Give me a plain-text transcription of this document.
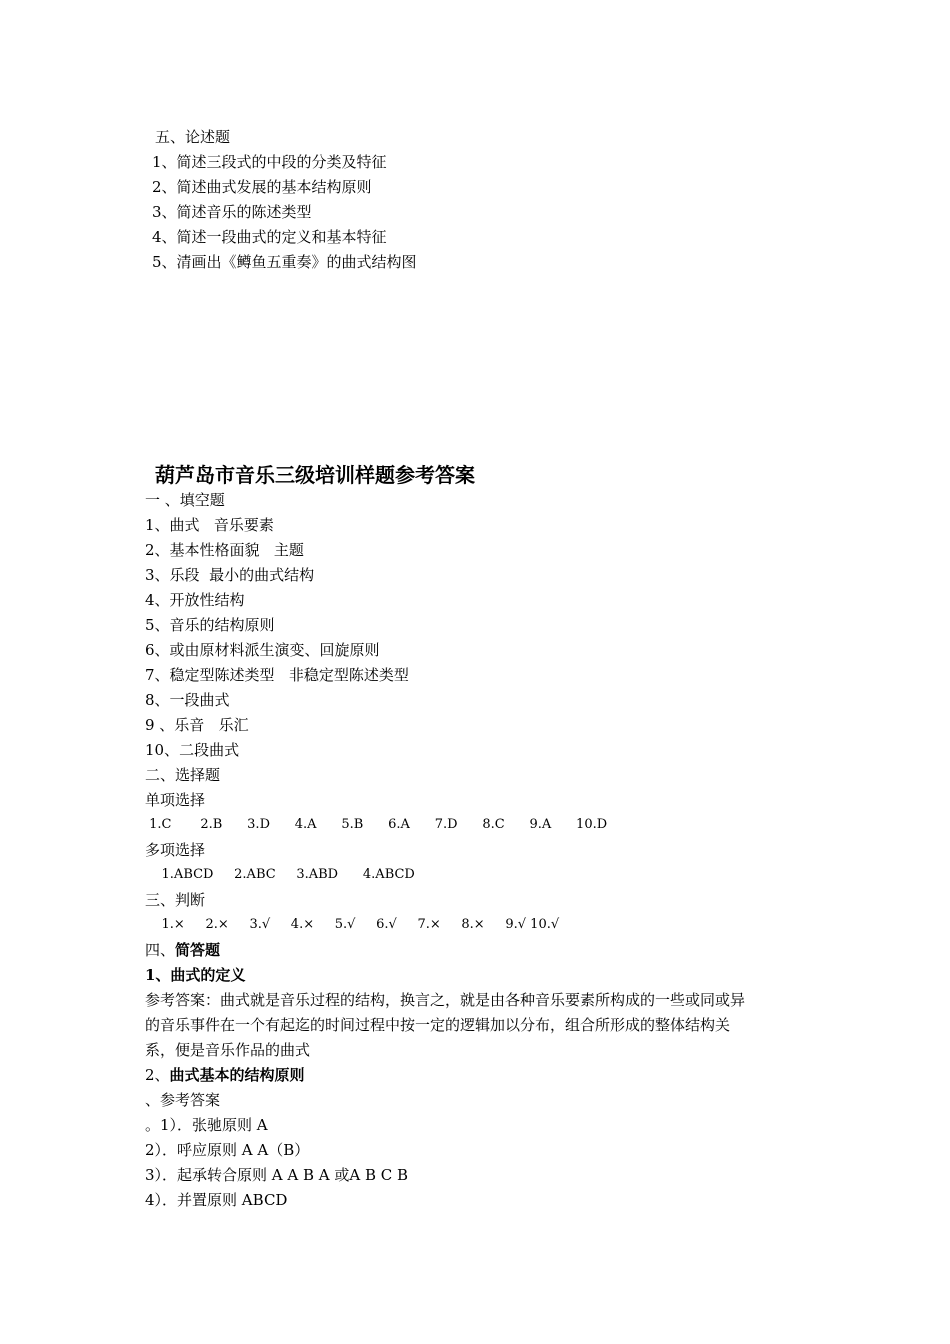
五、论述题
1、简述三段式的中段的分类及特征
2、简述曲式发展的基本结构原则
3、简述音乐的陈述类型
4、简述一段曲式的定义和基本特征
5、清画出《鳟鱼五重奏》的曲式结构图
葫芦岛市音乐三级培训样题参考答案
一 、填空题
1、曲式   音乐要素
2、基本性格面貌   主题
3、乐段  最小的曲式结构
4、开放性结构
5、音乐的结构原则
6、或由原材料派生演变、回旋原则
7、稳定型陈述类型   非稳定型陈述类型
8、一段曲式
9 、乐音   乐汇
10、二段曲式
二、选择题
单项选择
1.C       2.B      3.D      4.A      5.B      6.A      7.D      8.C      9.A      10.D
多项选择
1.ABCD     2.ABC     3.ABD      4.ABCD
三、判断
1.×     2.×     3.√     4.×     5.√     6.√     7.×     8.×     9.√ 10.√
四、简答题
1、曲式的定义
参考答案：曲式就是音乐过程的结构，换言之，就是由各种音乐要素所构成的一些或同或异
的音乐事件在一个有起迄的时间过程中按一定的逻辑加以分布，组合所形成的整体结构关
系，便是音乐作品的曲式
2、曲式基本的结构原则
、参考答案
。1）．张驰原则 A
2）．呼应原则 A A（B）
3）．起承转合原则 A A B A 或A B C B
4）．并置原则 ABCD
